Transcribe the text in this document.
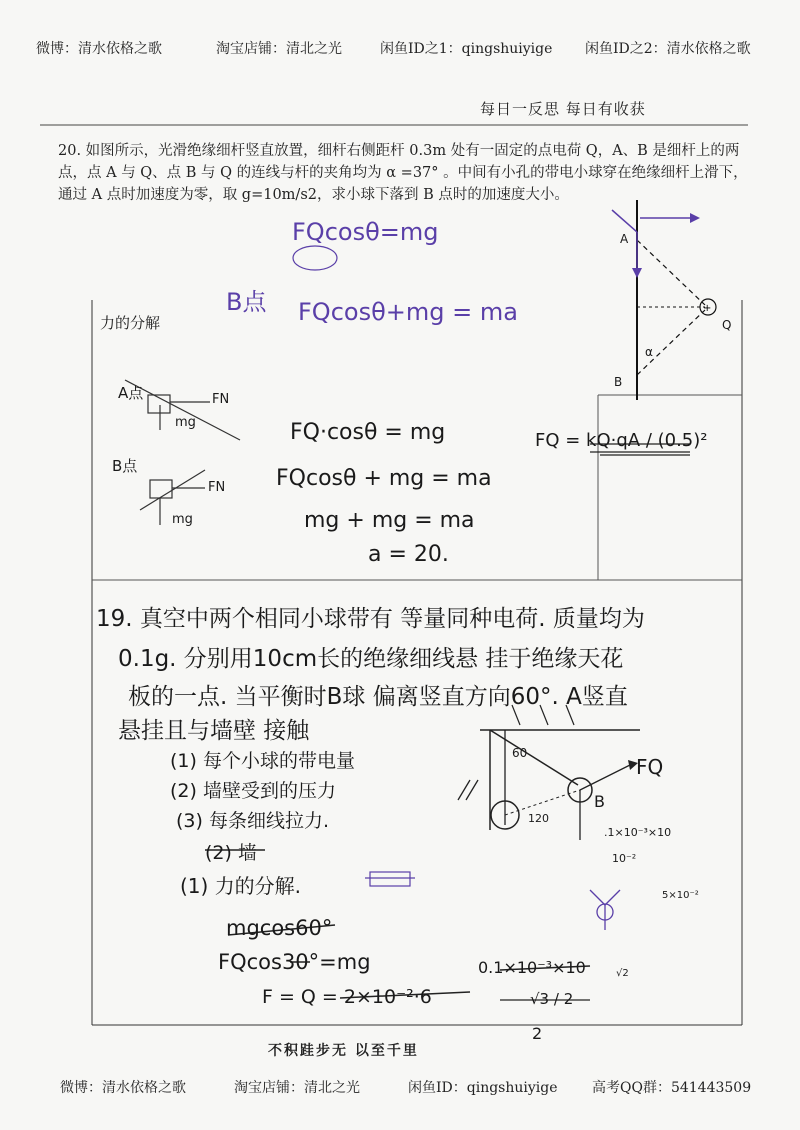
微博：清水依格之歌	淘宝店铺：清北之光	闲鱼ID之1：qingshuiyige 闲鱼ID之2：清水依格之歌
每日一反思 每日有收获
+
20. 如图所示，光滑绝缘细杆竖直放置，细杆右侧距杆 0.3m 处有一固定的点电荷 Q，A、B 是细杆上的两点，点 A 与 Q、点 B 与 Q 的连线与杆的夹角均为 α =37° 。中间有小孔的带电小球穿在绝缘细杆上滑下，通过 A 点时加速度为零，取 g=10m/s2，求小球下落到 B 点时的加速度大小。
A
B
Q
α
FQcosθ=mg
B点 FQcosθ+mg = ma
力的分解
A点	FN
mg
B点
FN
mg
FQ·cosθ = mg
FQcosθ + mg = ma
mg + mg = ma
a = 20.
FQ = kQ·qA / (0.5)²
19. 真空中两个相同小球带有 等量同种电荷. 质量均为
0.1g. 分别用10cm长的绝缘细线悬 挂于绝缘天花
板的一点. 当平衡时B球 偏离竖直方向60°. A竖直
悬挂且与墙壁 接触
(1) 每个小球的带电量
(2) 墙壁受到的压力
(3) 每条细线拉力.
(2) 墙
(1) 力的分解.
FQ
60
120
B
.1×10⁻³×10
10⁻²
5×10⁻²
mgcos60°
FQcos30°=mg
F = Q = 2×10⁻²·6
0.1×10⁻³×10
√3 / 2
2
√2
不积跬步无 以至千里
微博：清水依格之歌	淘宝店铺：清北之光	闲鱼ID：qingshuiyige 高考QQ群：541443509
